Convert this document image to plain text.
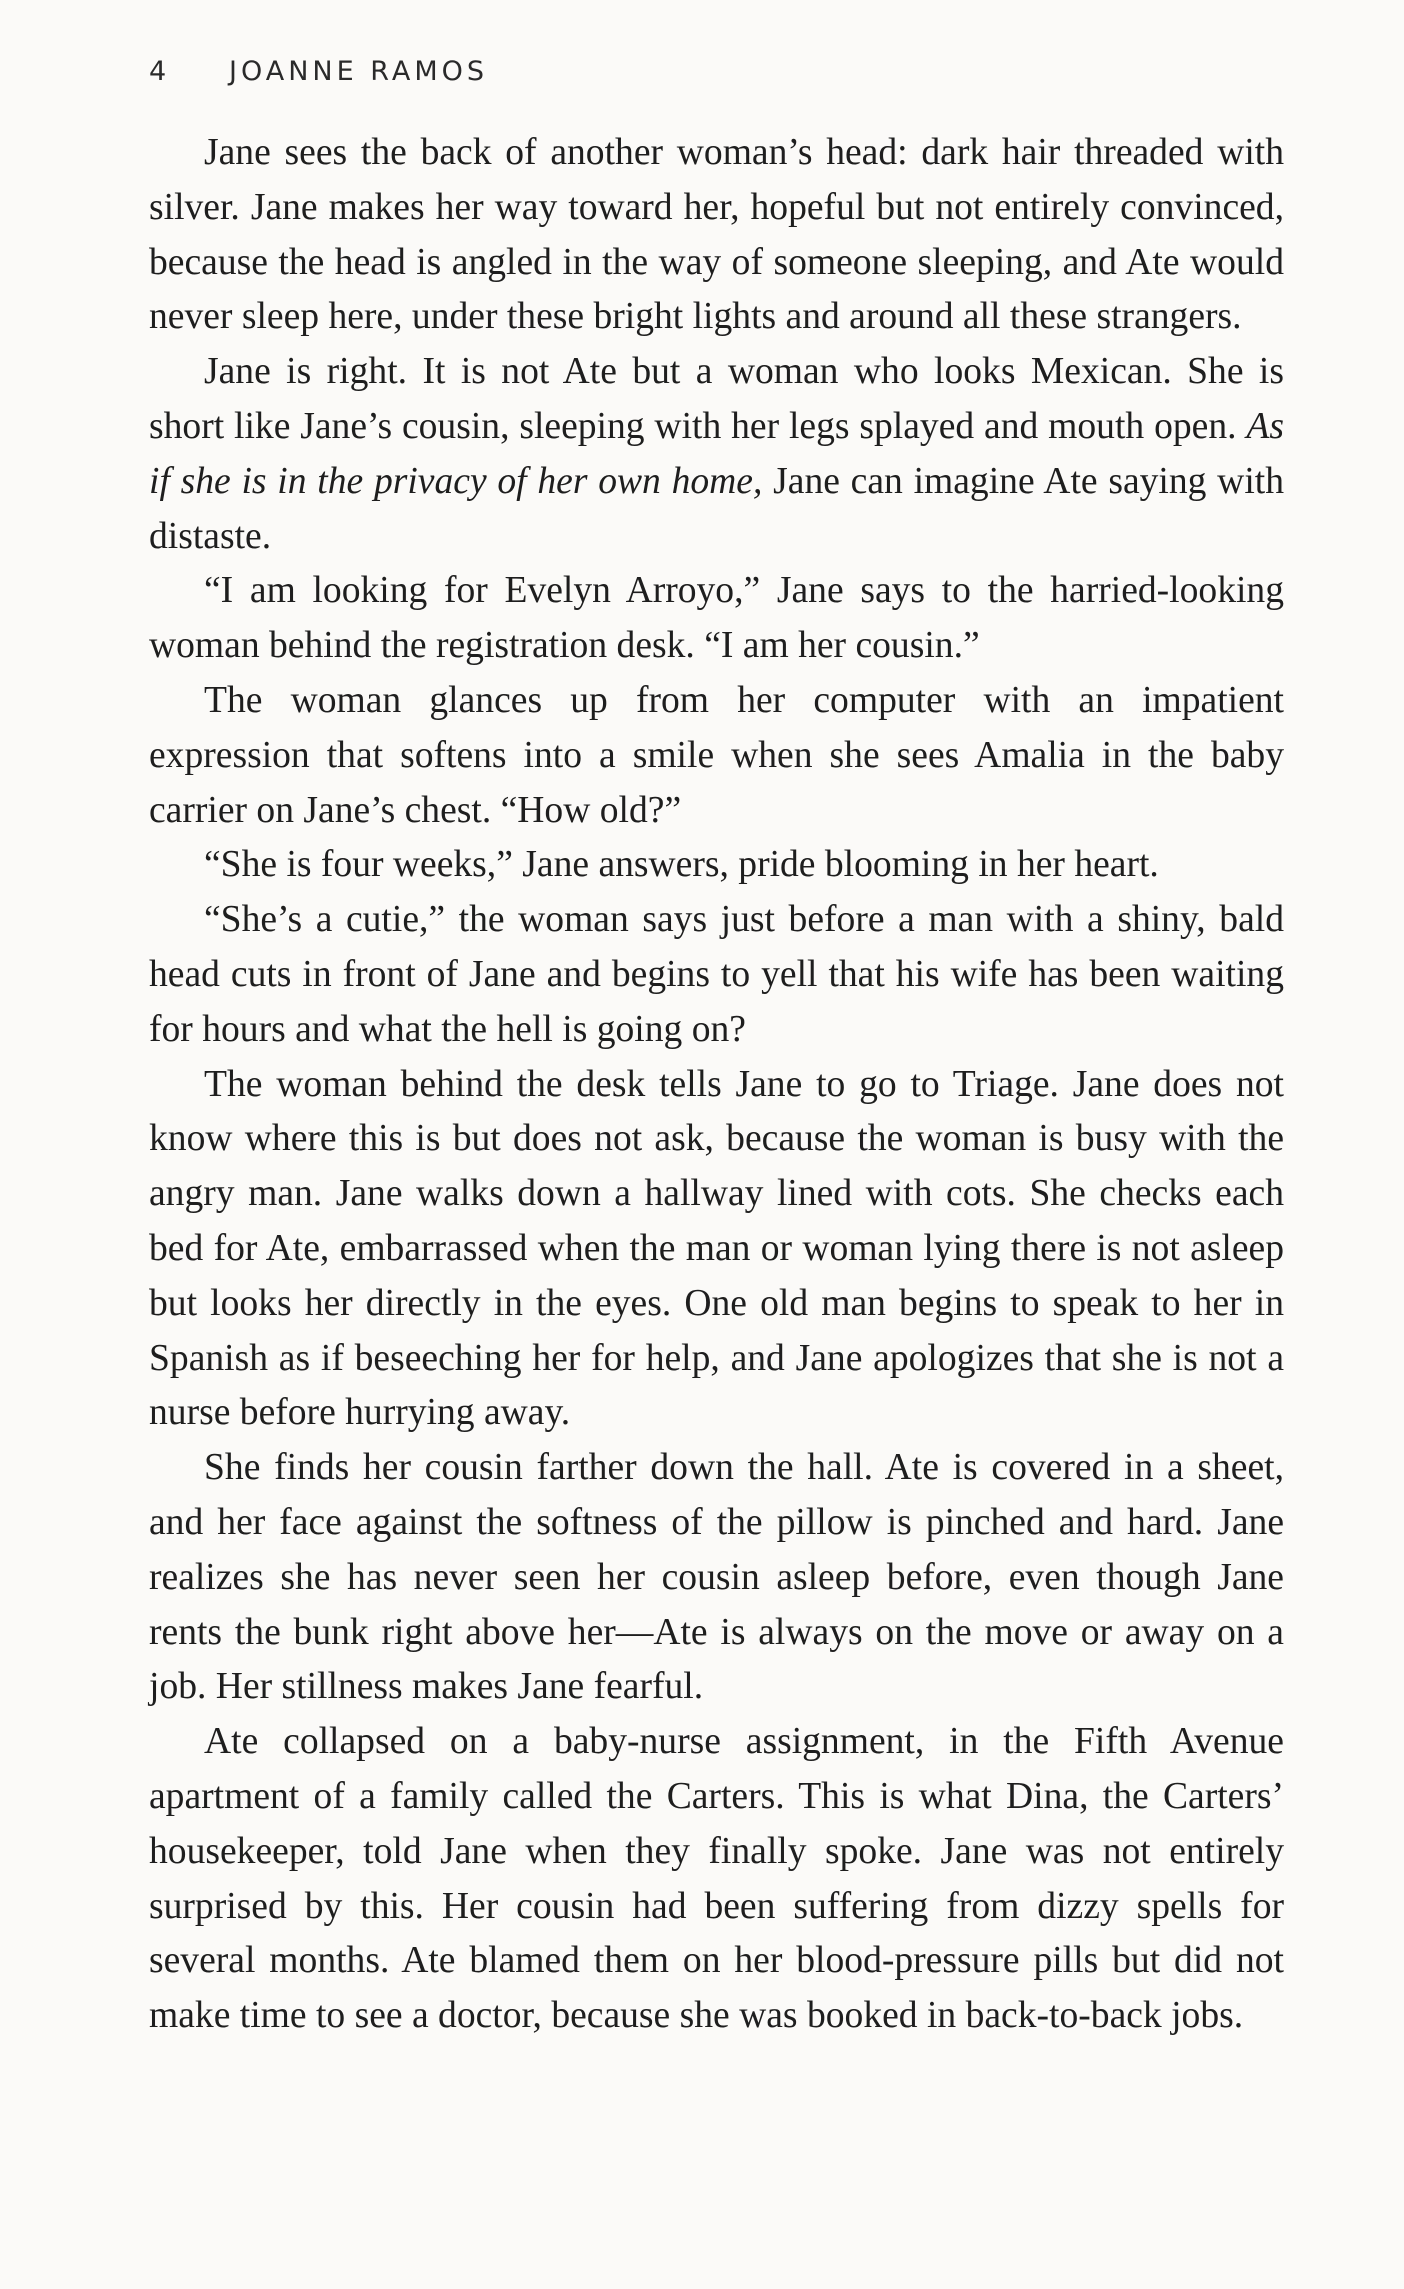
4 JOANNE RAMOS

Jane sees the back of another woman’s head: dark hair threaded with silver. Jane makes her way toward her, hopeful but not entirely convinced, because the head is angled in the way of someone sleeping, and Ate would never sleep here, under these bright lights and around all these strangers.

Jane is right. It is not Ate but a woman who looks Mexican. She is short like Jane’s cousin, sleeping with her legs splayed and mouth open. As if she is in the privacy of her own home, Jane can imagine Ate saying with distaste.

“I am looking for Evelyn Arroyo,” Jane says to the harried-looking woman behind the registration desk. “I am her cousin.”

The woman glances up from her computer with an impatient expression that softens into a smile when she sees Amalia in the baby carrier on Jane’s chest. “How old?”

“She is four weeks,” Jane answers, pride blooming in her heart.

“She’s a cutie,” the woman says just before a man with a shiny, bald head cuts in front of Jane and begins to yell that his wife has been waiting for hours and what the hell is going on?

The woman behind the desk tells Jane to go to Triage. Jane does not know where this is but does not ask, because the woman is busy with the angry man. Jane walks down a hallway lined with cots. She checks each bed for Ate, embarrassed when the man or woman lying there is not asleep but looks her directly in the eyes. One old man begins to speak to her in Spanish as if beseeching her for help, and Jane apologizes that she is not a nurse before hurrying away.

She finds her cousin farther down the hall. Ate is covered in a sheet, and her face against the softness of the pillow is pinched and hard. Jane realizes she has never seen her cousin asleep before, even though Jane rents the bunk right above her—Ate is always on the move or away on a job. Her stillness makes Jane fearful.

Ate collapsed on a baby-nurse assignment, in the Fifth Avenue apartment of a family called the Carters. This is what Dina, the Carters’ housekeeper, told Jane when they finally spoke. Jane was not entirely surprised by this. Her cousin had been suffering from dizzy spells for several months. Ate blamed them on her blood-pressure pills but did not make time to see a doctor, because she was booked in back-to-back jobs.
